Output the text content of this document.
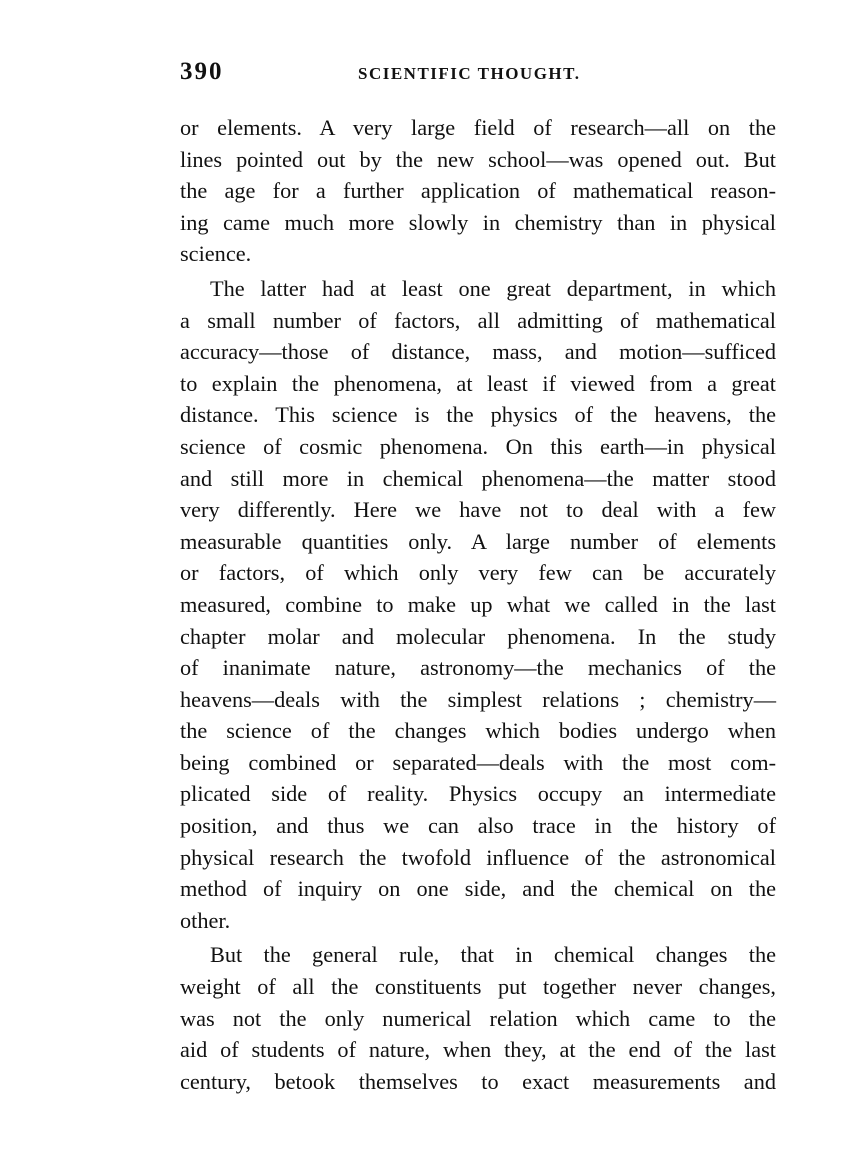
390	SCIENTIFIC THOUGHT.

or elements. A very large field of research—all on the
lines pointed out by the new school—was opened out. But
the age for a further application of mathematical reason-
ing came much more slowly in chemistry than in physical
science.

The latter had at least one great department, in which
a small number of factors, all admitting of mathematical
accuracy—those of distance, mass, and motion—sufficed
to explain the phenomena, at least if viewed from a great
distance. This science is the physics of the heavens, the
science of cosmic phenomena. On this earth—in physical
and still more in chemical phenomena—the matter stood
very differently. Here we have not to deal with a few
measurable quantities only. A large number of elements
or factors, of which only very few can be accurately
measured, combine to make up what we called in the last
chapter molar and molecular phenomena. In the study
of inanimate nature, astronomy—the mechanics of the
heavens—deals with the simplest relations ; chemistry—
the science of the changes which bodies undergo when
being combined or separated—deals with the most com-
plicated side of reality. Physics occupy an intermediate
position, and thus we can also trace in the history of
physical research the twofold influence of the astronomical
method of inquiry on one side, and the chemical on the
other.

But the general rule, that in chemical changes the
weight of all the constituents put together never changes,
was not the only numerical relation which came to the
aid of students of nature, when they, at the end of the last
century, betook themselves to exact measurements and
